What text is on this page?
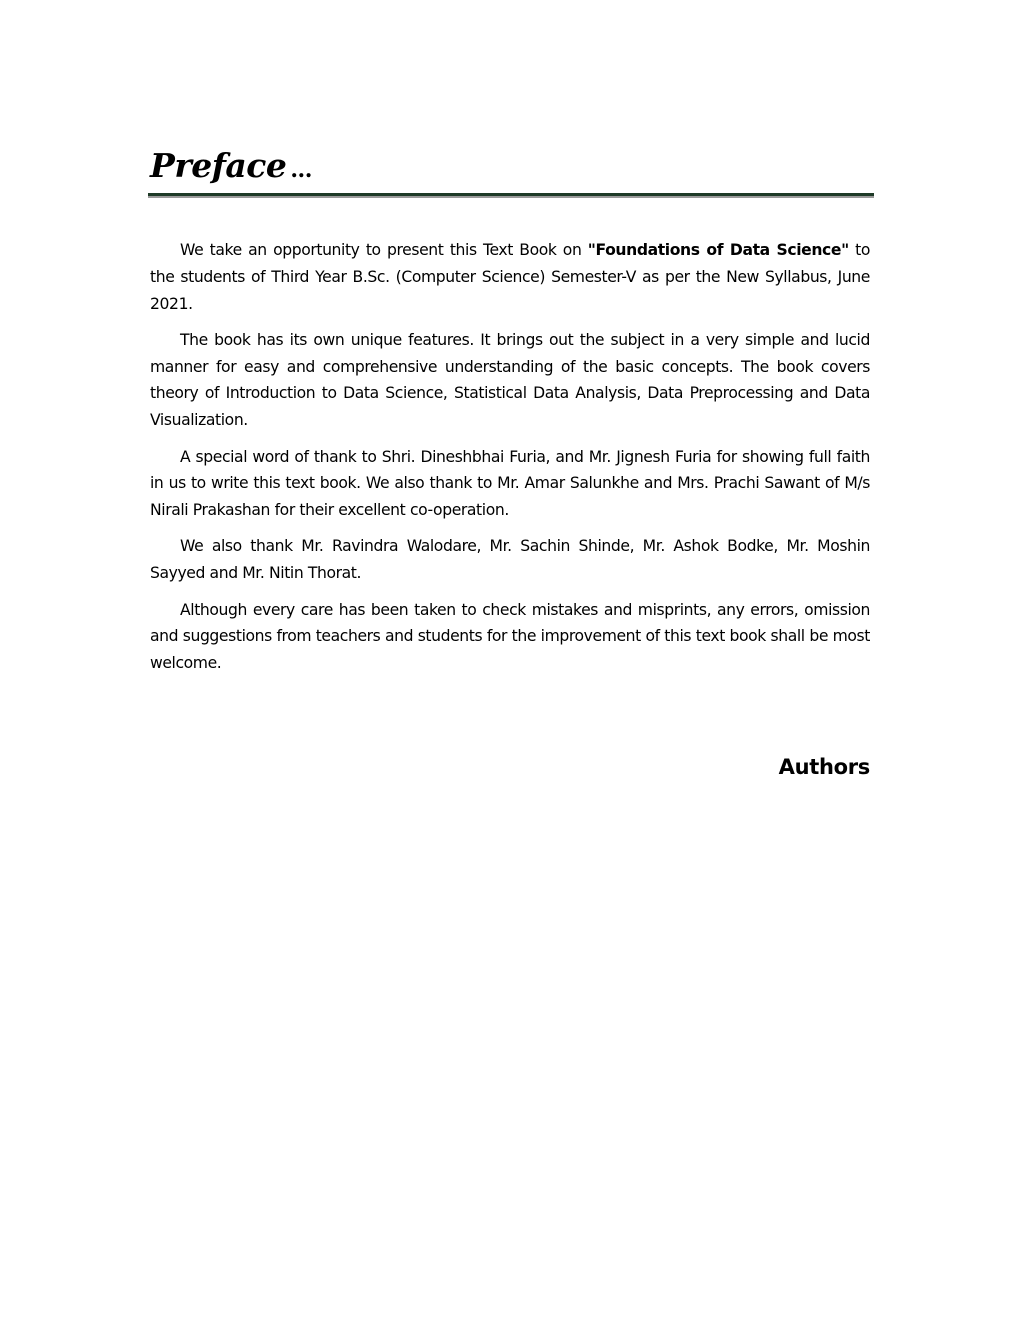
Preface ...

We take an opportunity to present this Text Book on "Foundations of Data Science" to the students of Third Year B.Sc. (Computer Science) Semester-V as per the New Syllabus, June 2021.

The book has its own unique features. It brings out the subject in a very simple and lucid manner for easy and comprehensive understanding of the basic concepts. The book covers theory of Introduction to Data Science, Statistical Data Analysis, Data Preprocessing and Data Visualization.

A special word of thank to Shri. Dineshbhai Furia, and Mr. Jignesh Furia for showing full faith in us to write this text book. We also thank to Mr. Amar Salunkhe and Mrs. Prachi Sawant of M/s Nirali Prakashan for their excellent co-operation.

We also thank Mr. Ravindra Walodare, Mr. Sachin Shinde, Mr. Ashok Bodke, Mr. Moshin Sayyed and Mr. Nitin Thorat.

Although every care has been taken to check mistakes and misprints, any errors, omission and suggestions from teachers and students for the improvement of this text book shall be most welcome.

Authors
